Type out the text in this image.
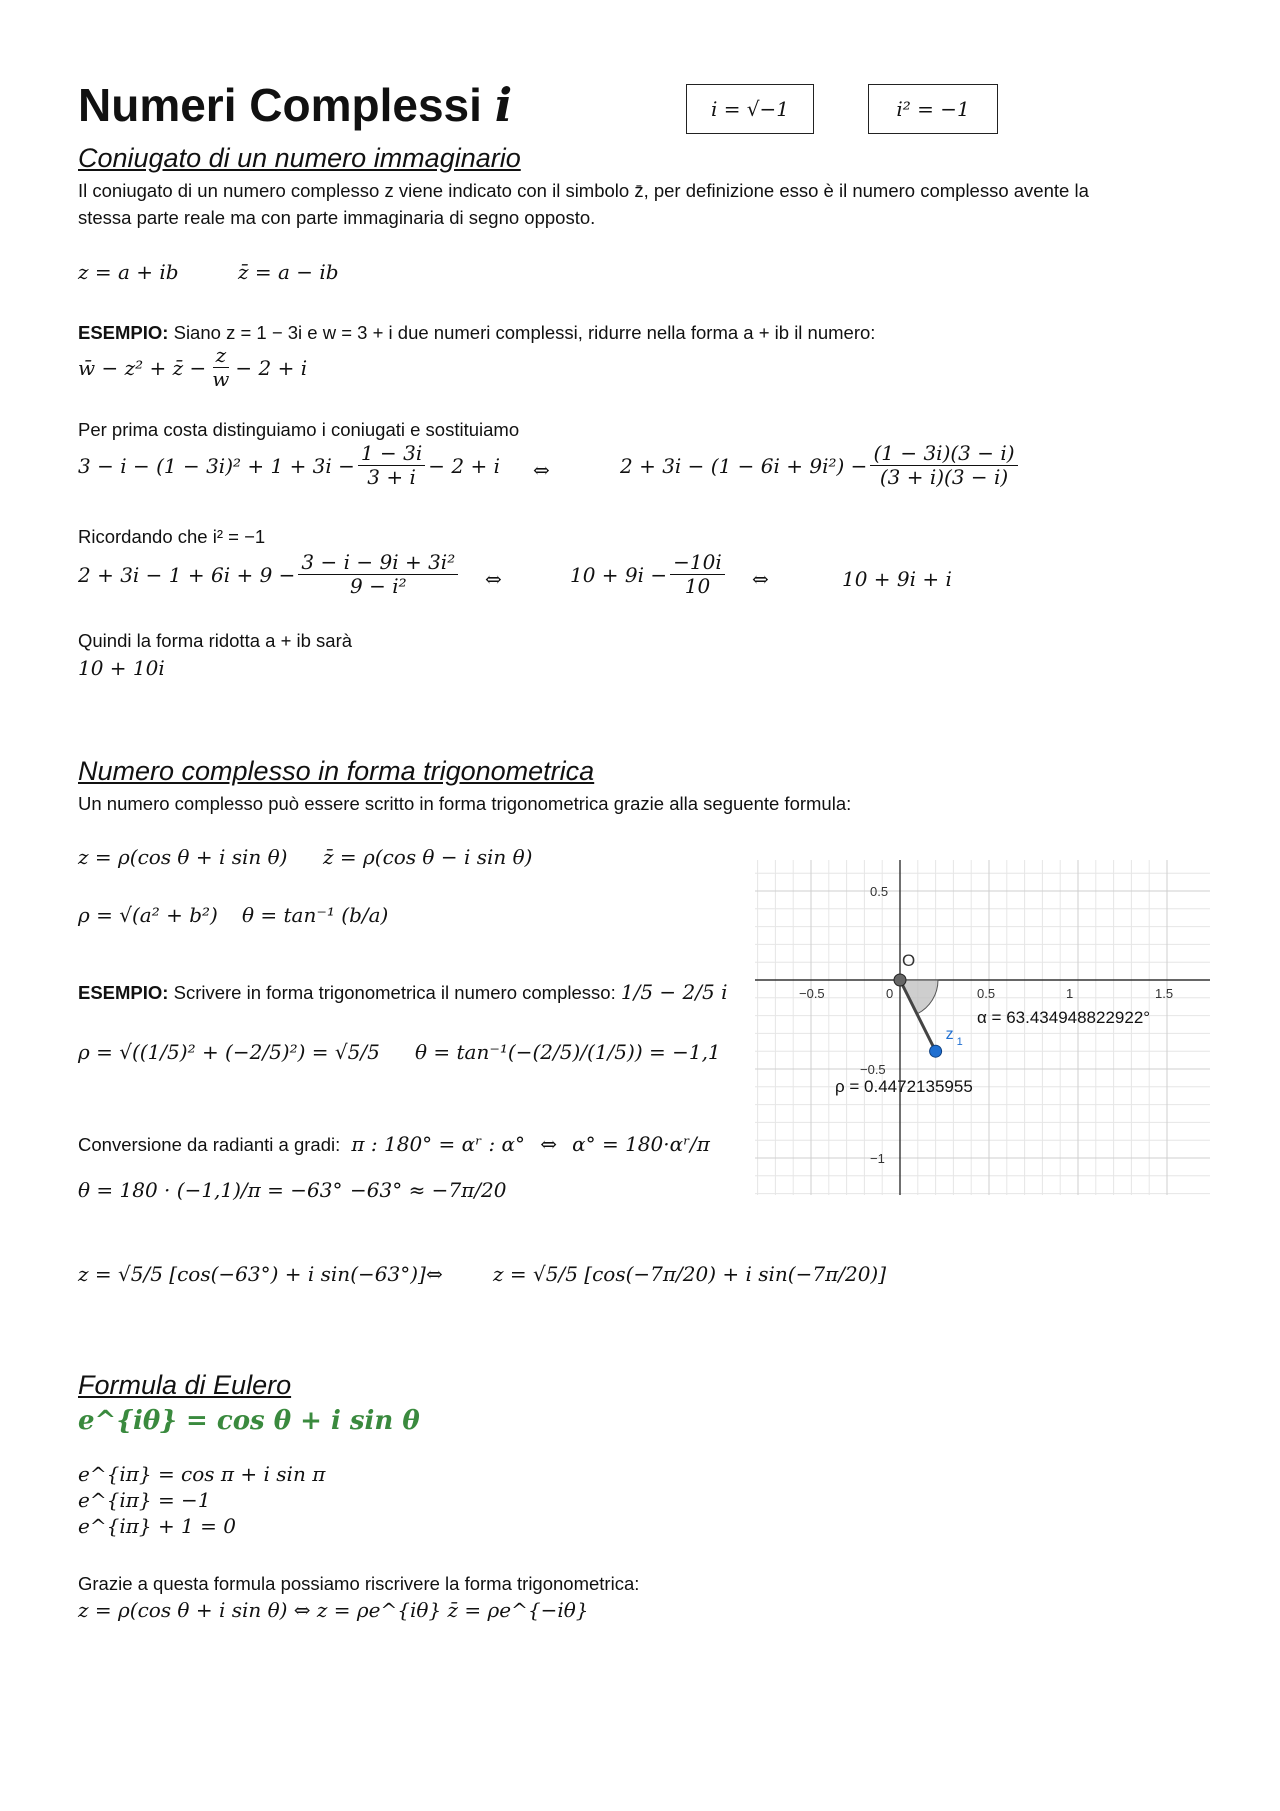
Numeri Complessi i	i = √−1	i² = −1
Coniugato di un numero immaginario
Il coniugato di un numero complesso z viene indicato con il simbolo z̄, per definizione esso è il numero complesso avente la
stessa parte reale ma con parte immaginaria di segno opposto.
z = a + ib	z̄ = a − ib
ESEMPIO: Siano z = 1 − 3i e w = 3 + i due numeri complessi, ridurre nella forma a + ib il numero:
w̄ − z² + z̄ − $\frac{z}{w} - 2 + i$
Per prima costa distinguiamo i coniugati e sostituiamo
$3 - i - (1 - 3i)^2 + 1 + 3i - \frac{1 - 3i}{3 + i} - 2 + i$ ⇔	$2 + 3i - (1 - 6i + 9i^2) - \frac{(1 - 3i)(3 - i)}{(3 + i)(3 - i)}$
Ricordando che i² = −1
$2 + 3i - 1 + 6i + 9 - \frac{\text{3 − i − 9i + 3i²}}{\text{9 − i²}}$ ⇔	$10 + 9i - \frac{-10i}{10}$ ⇔	10 + 9i + i
Quindi la forma ridotta a + ib sarà
10 + 10i
Numero complesso in forma trigonometrica
Un numero complesso può essere scritto in forma trigonometrica grazie alla seguente formula:
z = ρ(cos θ + i sin θ) z̄ = ρ(cos θ − i sin θ)
ρ = √(a² + b²) θ = tan⁻¹ (b/a)
ESEMPIO: Scrivere in forma trigonometrica il numero complesso: 1/5 − 2/5 i
ρ = √((1/5)² + (−2/5)²) = √5/5 θ = tan⁻¹(−(2/5)/(1/5)) = −1,1
Conversione da radianti a gradi: π : 180° = αʳ : α° ⇔ α° = 180·αʳ/π
θ = 180 · (−1,1)/π = −63° −63° ≈ −7π/20
z = √5/5 [cos(−63°) + i sin(−63°)] ⇔	z = √5/5 [cos(−7π/20) + i sin(−7π/20)]
−0.5	0	0.5	1	1.5
0.5
−0.5
−1
O
z 1
α = 63.434948822922°
ρ = 0.4472135955
Formula di Eulero
e^{iθ} = cos θ + i sin θ
e^{iπ} = cos π + i sin π
e^{iπ} = −1
e^{iπ} + 1 = 0
Grazie a questa formula possiamo riscrivere la forma trigonometrica:
z = ρ(cos θ + i sin θ) ⇔ z = ρe^{iθ} z̄ = ρe^{−iθ}
